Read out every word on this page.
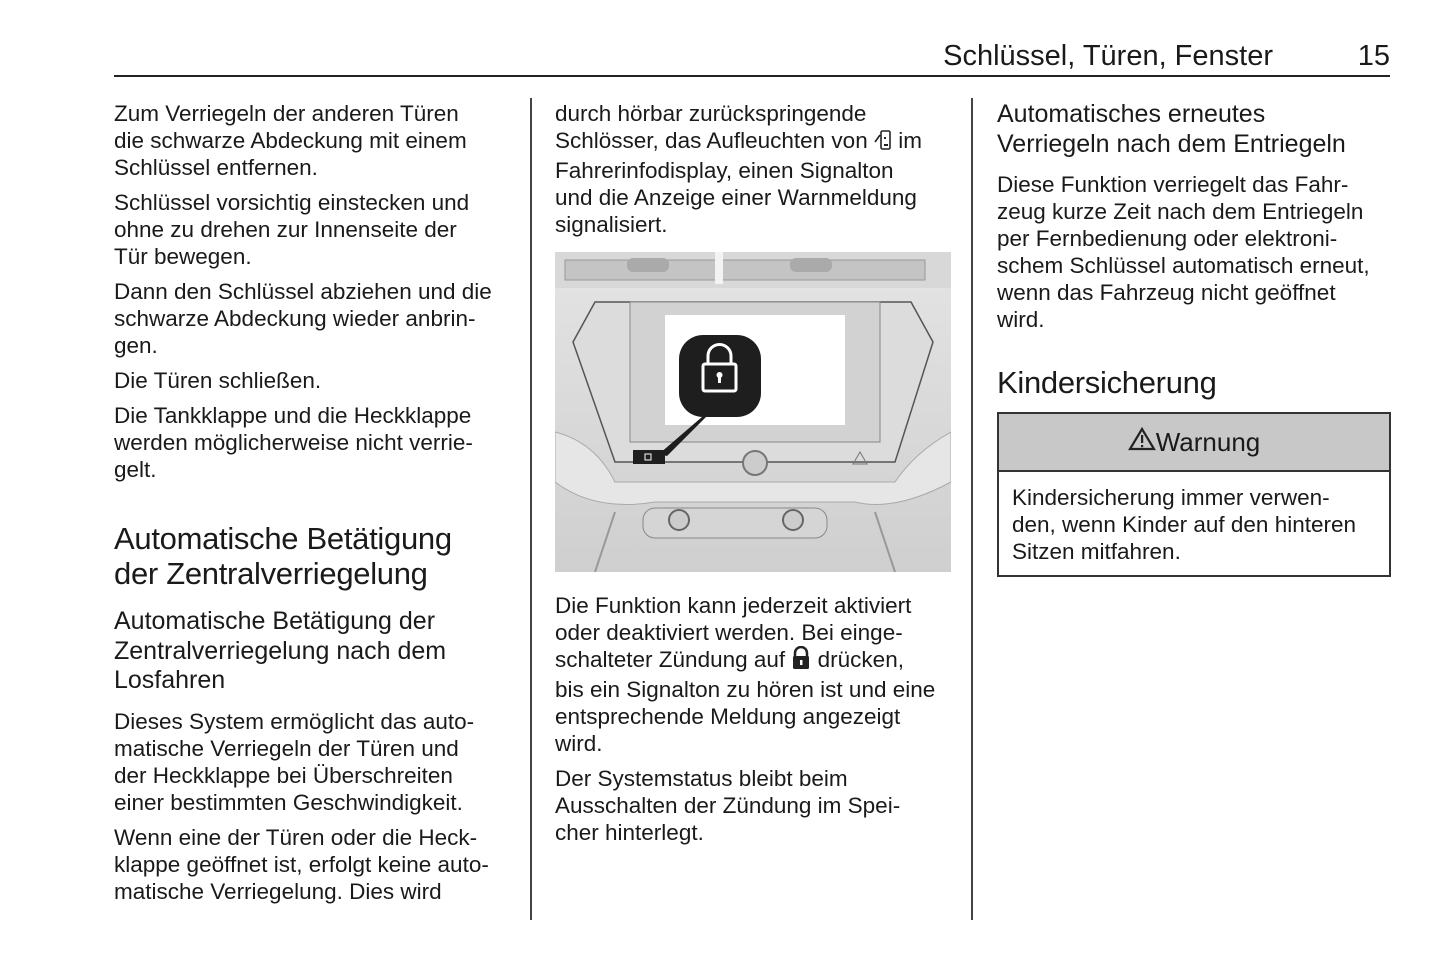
Schlüssel, Türen, Fenster	15

Zum Verriegeln der anderen Türen
die schwarze Abdeckung mit einem
Schlüssel entfernen.

Schlüssel vorsichtig einstecken und
ohne zu drehen zur Innenseite der
Tür bewegen.

Dann den Schlüssel abziehen und die
schwarze Abdeckung wieder anbrin-
gen.

Die Türen schließen.

Die Tankklappe und die Heckklappe
werden möglicherweise nicht verrie-
gelt.

Automatische Betätigung
der Zentralverriegelung
Automatische Betätigung der
Zentralverriegelung nach dem
Losfahren

Dieses System ermöglicht das auto-
matische Verriegeln der Türen und
der Heckklappe bei Überschreiten
einer bestimmten Geschwindigkeit.

Wenn eine der Türen oder die Heck-
klappe geöffnet ist, erfolgt keine auto-
matische Verriegelung. Dies wird

durch hörbar zurückspringende
Schlösser, das Aufleuchten von  im
Fahrerinfodisplay, einen Signalton
und die Anzeige einer Warnmeldung
signalisiert.

Die Funktion kann jederzeit aktiviert
oder deaktiviert werden. Bei einge-
schalteter Zündung auf  drücken,
bis ein Signalton zu hören ist und eine
entsprechende Meldung angezeigt
wird.

Der Systemstatus bleibt beim
Ausschalten der Zündung im Spei-
cher hinterlegt.

Automatisches erneutes
Verriegeln nach dem Entriegeln

Diese Funktion verriegelt das Fahr-
zeug kurze Zeit nach dem Entriegeln
per Fernbedienung oder elektroni-
schem Schlüssel automatisch erneut,
wenn das Fahrzeug nicht geöffnet
wird.

Kindersicherung
Warnung

Kindersicherung immer verwen-
den, wenn Kinder auf den hinteren
Sitzen mitfahren.
